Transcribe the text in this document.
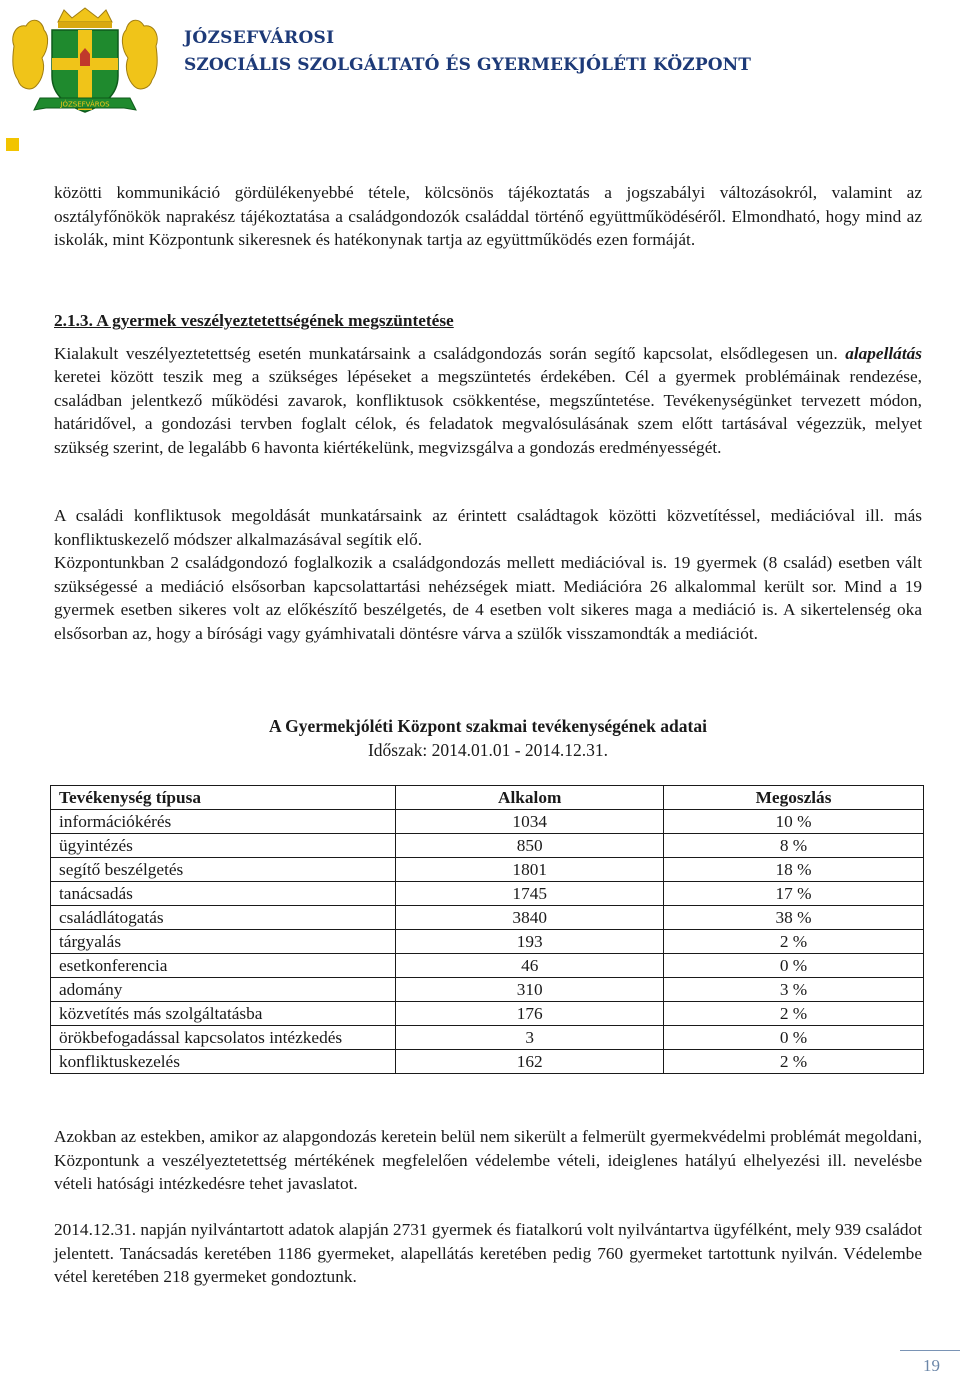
JÓZSEFVÁROS
JÓZSEFVÁROSI
SZOCIÁLIS SZOLGÁLTATÓ ÉS GYERMEKJÓLÉTI KÖZPONT

közötti kommunikáció gördülékenyebbé tétele, kölcsönös tájékoztatás a jogszabályi változásokról, valamint az osztályfőnökök naprakész tájékoztatása a családgondozók családdal történő együttműködéséről. Elmondható, hogy mind az iskolák, mint Központunk sikeresnek és hatékonynak tartja az együttműködés ezen formáját.

2.1.3. A gyermek veszélyeztetettségének megszüntetése

Kialakult veszélyeztetettség esetén munkatársaink a családgondozás során segítő kapcsolat, elsődlegesen un. alapellátás keretei között teszik meg a szükséges lépéseket a megszüntetés érdekében. Cél a gyermek problémáinak rendezése, családban jelentkező működési zavarok, konfliktusok csökkentése, megszűntetése. Tevékenységünket tervezett módon, határidővel, a gondozási tervben foglalt célok, és feladatok megvalósulásának szem előtt tartásával végezzük, melyet szükség szerint, de legalább 6 havonta kiértékelünk, megvizsgálva a gondozás eredményességét.

A családi konfliktusok megoldását munkatársaink az érintett családtagok közötti közvetítéssel, mediációval ill. más konfliktuskezelő módszer alkalmazásával segítik elő.

Központunkban 2 családgondozó foglalkozik a családgondozás mellett mediációval is. 19 gyermek (8 család) esetben vált szükségessé a mediáció elsősorban kapcsolattartási nehézségek miatt. Mediációra 26 alkalommal került sor. Mind a 19 gyermek esetben sikeres volt az előkészítő beszélgetés, de 4 esetben volt sikeres maga a mediáció is. A sikertelenség oka elsősorban az, hogy a bírósági vagy gyámhivatali döntésre várva a szülők visszamondták a mediációt.

A Gyermekjóléti Központ szakmai tevékenységének adatai
Időszak: 2014.01.01 - 2014.12.31.
Tevékenység típusa	Alkalom	Megoszlás
információkérés	1034	10 %
ügyintézés	850	8 %
segítő beszélgetés	1801	18 %
tanácsadás	1745	17 %
családlátogatás	3840	38 %
tárgyalás	193	2 %
esetkonferencia	46	0 %
adomány	310	3 %
közvetítés más szolgáltatásba	176	2 %
örökbefogadással kapcsolatos intézkedés	3	0 %
konfliktuskezelés	162	2 %

Azokban az estekben, amikor az alapgondozás keretein belül nem sikerült a felmerült gyermekvédelmi problémát megoldani, Központunk a veszélyeztetettség mértékének megfelelően védelembe vételi, ideiglenes hatályú elhelyezési ill. nevelésbe vételi hatósági intézkedésre tehet javaslatot.

2014.12.31. napján nyilvántartott adatok alapján 2731 gyermek és fiatalkorú volt nyilvántartva ügyfélként, mely 939 családot jelentett. Tanácsadás keretében 1186 gyermeket, alapellátás keretében pedig 760 gyermeket tartottunk nyilván. Védelembe vétel keretében 218 gyermeket gondoztunk.

19
